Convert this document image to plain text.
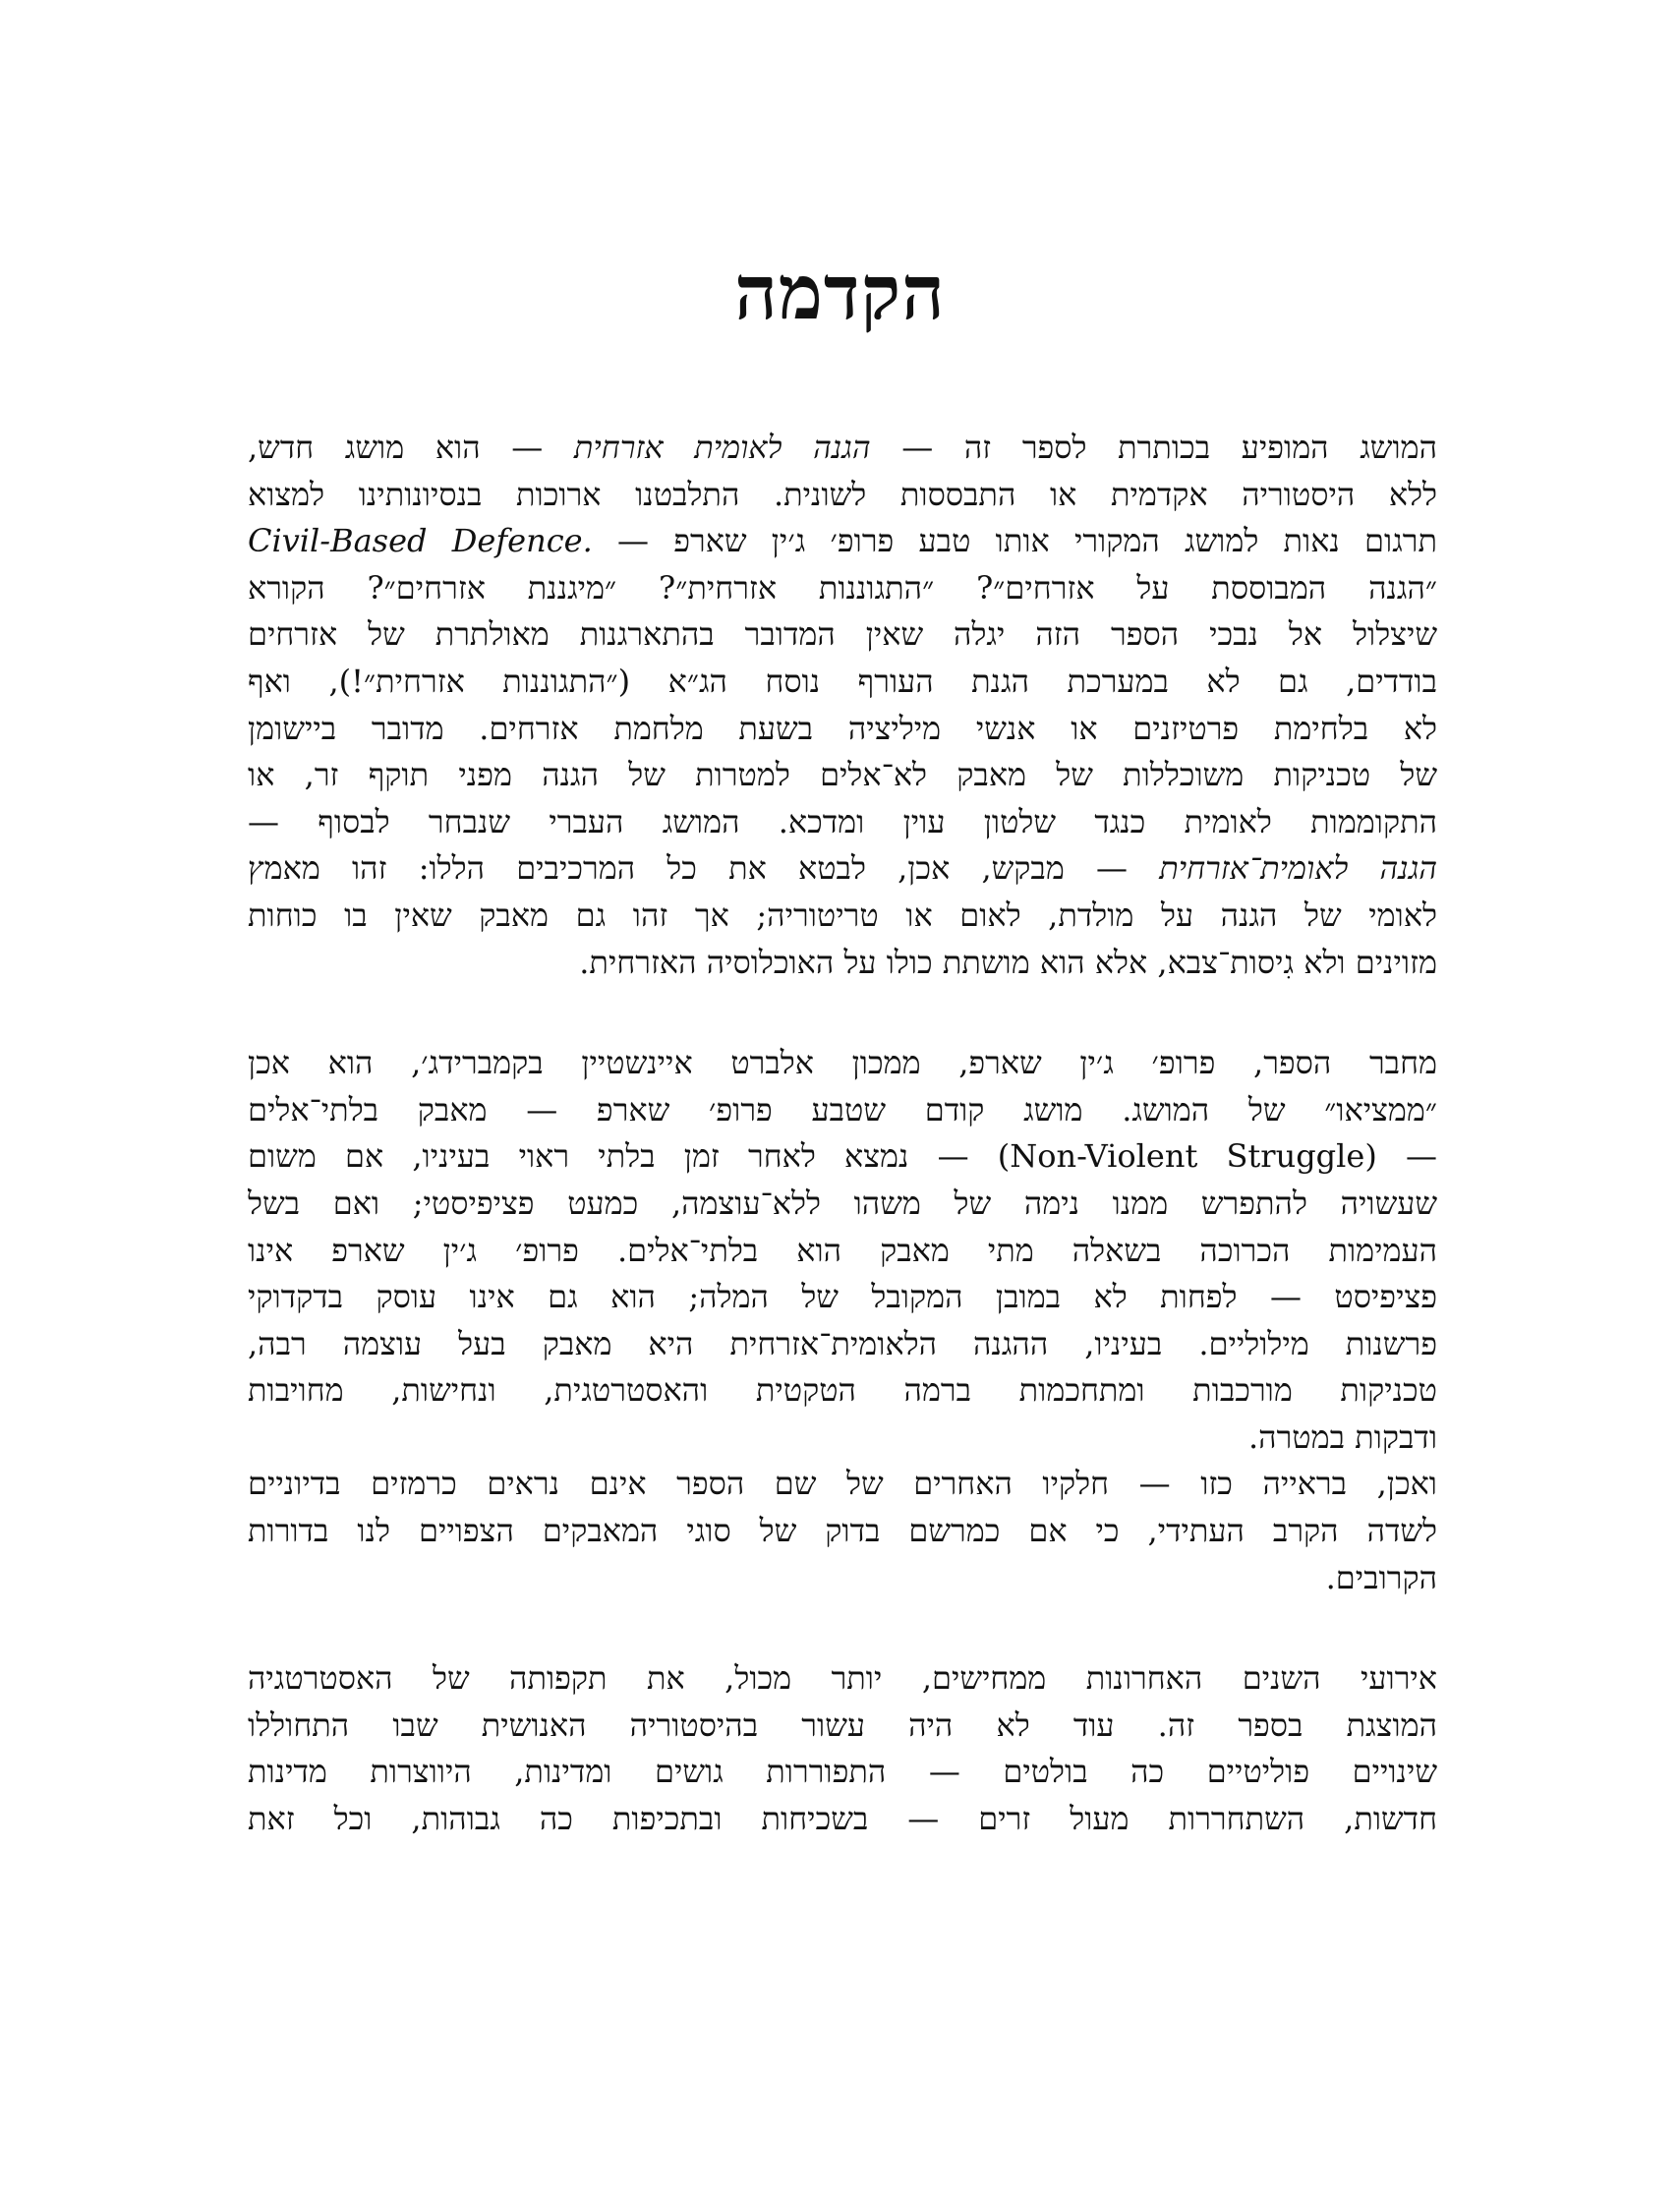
הקדמה
המושג המופיע בכותרת לספר זה — הגנה לאומית אזרחית — הוא מושג חדש,
ללא היסטוריה אקדמית או התבססות לשונית. התלבטנו ארוכות בנסיונותינו למצוא
תרגום נאות למושג המקורי אותו טבע פרופ׳ ג׳ין שארפ — Civil-Based Defence.
״הגנה המבוססת על אזרחים״? ״התגוננות אזרחית״? ״מיגננת אזרחים״? הקורא
שיצלול אל נבכי הספר הזה יגלה שאין המדובר בהתארגנות מאולתרת של אזרחים
בודדים, גם לא במערכת הגנת העורף נוסח הג״א (״התגוננות אזרחית״!), ואף
לא בלחימת פרטיזנים או אנשי מיליציה בשעת מלחמת אזרחים. מדובר ביישומן
של טכניקות משוכללות של מאבק לא־אלים למטרות של הגנה מפני תוקף זר, או
התקוממות לאומית כנגד שלטון עוין ומדכא. המושג העברי שנבחר לבסוף —
הגנה לאומית־אזרחית — מבקש, אכן, לבטא את כל המרכיבים הללו: זהו מאמץ
לאומי של הגנה על מולדת, לאום או טריטוריה; אך זהו גם מאבק שאין בו כוחות
מזוינים ולא גִיסות־צבא, אלא הוא מושתת כולו על האוכלוסיה האזרחית.
מחבר הספר, פרופ׳ ג׳ין שארפ, ממכון אלברט איינשטיין בקמברידג׳, הוא אכן
״ממציאו״ של המושג. מושג קודם שטבע פרופ׳ שארפ — מאבק בלתי־אלים
— (Non-Violent Struggle) — נמצא לאחר זמן בלתי ראוי בעיניו, אם משום
שעשויה להתפרש ממנו נימה של משהו ללא־עוצמה, כמעט פציפיסטי; ואם בשל
העמימות הכרוכה בשאלה מתי מאבק הוא בלתי־אלים. פרופ׳ ג׳ין שארפ אינו
פציפיסט — לפחות לא במובן המקובל של המלה; הוא גם אינו עוסק בדקדוקי
פרשנות מילוליים. בעיניו, ההגנה הלאומית־אזרחית היא מאבק בעל עוצמה רבה,
טכניקות מורכבות ומתחכמות ברמה הטקטית והאסטרטגית, ונחישות, מחויבות
ודבקות במטרה.
ואכן, בראייה כזו — חלקיו האחרים של שם הספר אינם נראים כרמזים בדיוניים
לשדה הקרב העתידי, כי אם כמרשם בדוק של סוגי המאבקים הצפויים לנו בדורות
הקרובים.
אירועי השנים האחרונות ממחישים, יותר מכול, את תקפותה של האסטרטגיה
המוצגת בספר זה. עוד לא היה עשור בהיסטוריה האנושית שבו התחוללו
שינויים פוליטיים כה בולטים — התפוררות גושים ומדינות, היווצרות מדינות
חדשות, השתחררות מעול זרים — בשכיחות ובתכיפות כה גבוהות, וכל זאת
